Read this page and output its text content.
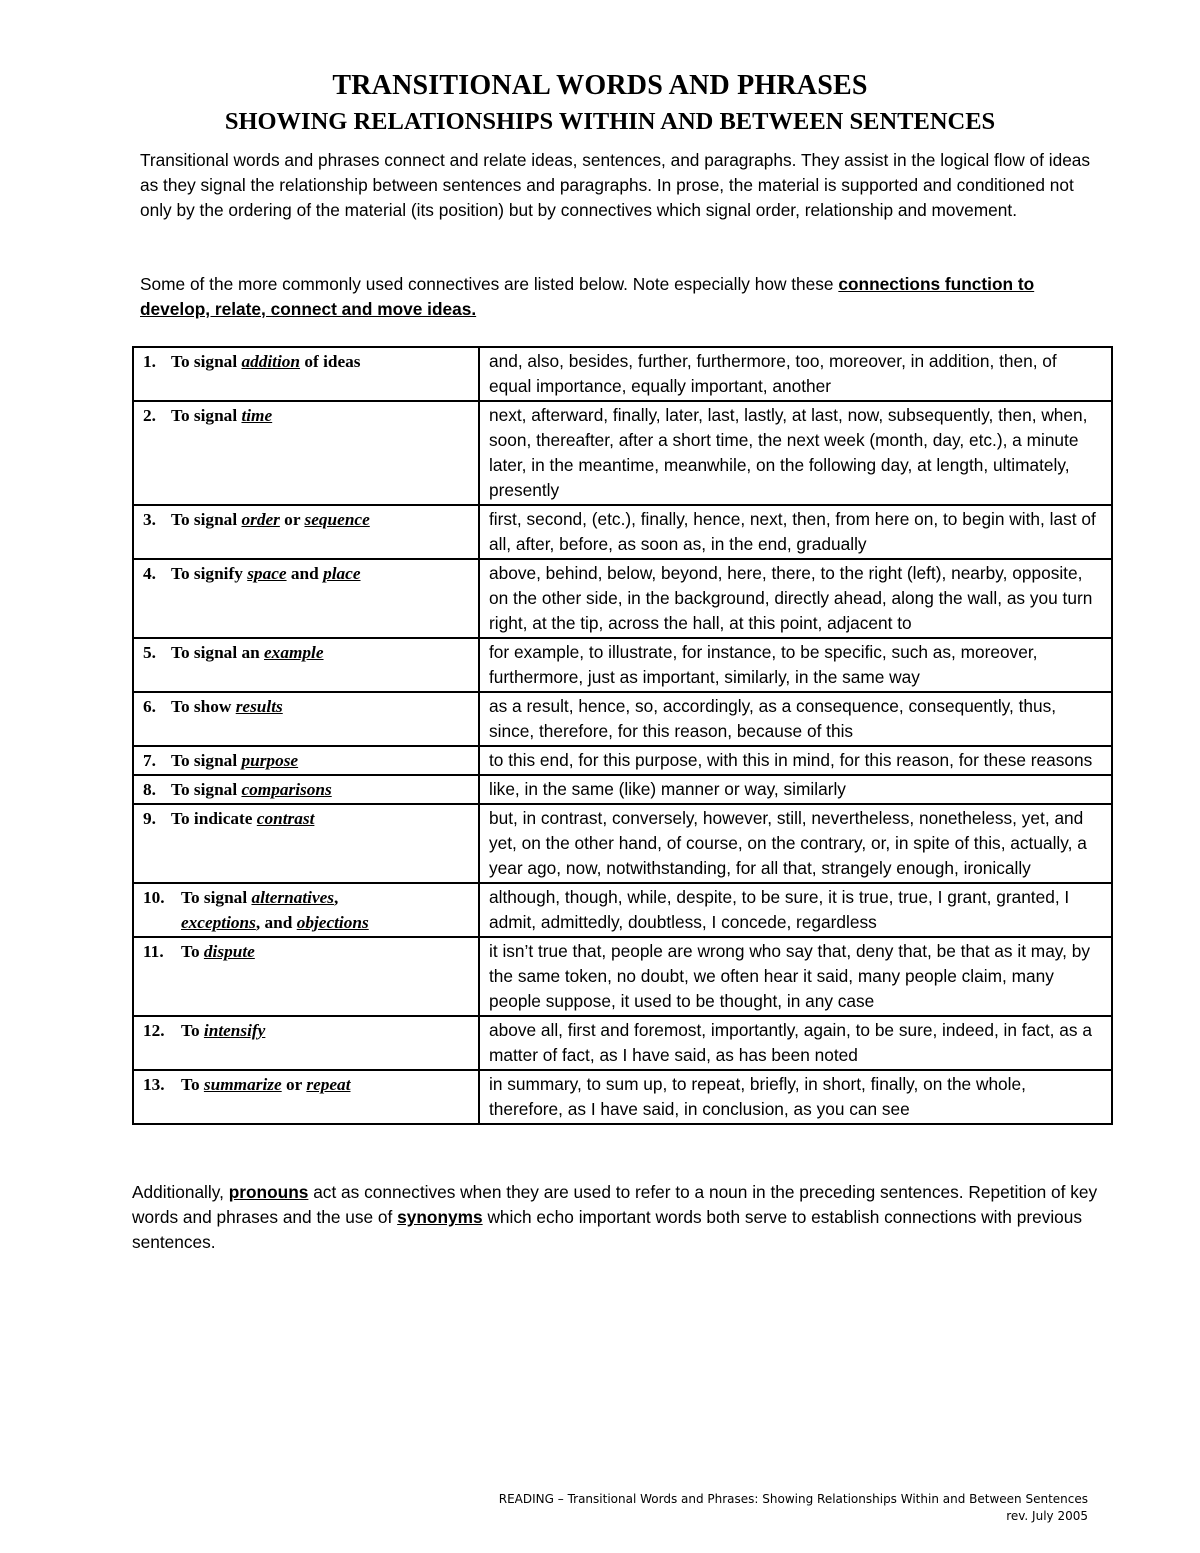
TRANSITIONAL WORDS AND PHRASES
SHOWING RELATIONSHIPS WITHIN AND BETWEEN SENTENCES

Transitional words and phrases connect and relate ideas, sentences, and paragraphs. They assist in the logical flow of ideas as they signal the relationship between sentences and paragraphs. In prose, the material is supported and conditioned not only by the ordering of the material (its position) but by connectives which signal order, relationship and movement.

Some of the more commonly used connectives are listed below. Note especially how these connections function to develop, relate, connect and move ideas.

1. To signal addition of ideas	and, also, besides, further, furthermore, too, moreover, in addition, then, of equal importance, equally important, another
2. To signal time	next, afterward, finally, later, last, lastly, at last, now, subsequently, then, when, soon, thereafter, after a short time, the next week (month, day, etc.), a minute later, in the meantime, meanwhile, on the following day, at length, ultimately, presently
3. To signal order or sequence	first, second, (etc.), finally, hence, next, then, from here on, to begin with, last of all, after, before, as soon as, in the end, gradually
4. To signify space and place	above, behind, below, beyond, here, there, to the right (left), nearby, opposite, on the other side, in the background, directly ahead, along the wall, as you turn right, at the tip, across the hall, at this point, adjacent to
5. To signal an example	for example, to illustrate, for instance, to be specific, such as, moreover, furthermore, just as important, similarly, in the same way
6. To show results	as a result, hence, so, accordingly, as a consequence, consequently, thus, since, therefore, for this reason, because of this
7. To signal purpose	to this end, for this purpose, with this in mind, for this reason, for these reasons
8. To signal comparisons	like, in the same (like) manner or way, similarly
9. To indicate contrast	but, in contrast, conversely, however, still, nevertheless, nonetheless, yet, and yet, on the other hand, of course, on the contrary, or, in spite of this, actually, a year ago, now, notwithstanding, for all that, strangely enough, ironically
10. To signal alternatives,
exceptions, and objections	although, though, while, despite, to be sure, it is true, true, I grant, granted, I admit, admittedly, doubtless, I concede, regardless
11. To dispute	it isn’t true that, people are wrong who say that, deny that, be that as it may, by the same token, no doubt, we often hear it said, many people claim, many people suppose, it used to be thought, in any case
12. To intensify	above all, first and foremost, importantly, again, to be sure, indeed, in fact, as a matter of fact, as I have said, as has been noted
13. To summarize or repeat	in summary, to sum up, to repeat, briefly, in short, finally, on the whole, therefore, as I have said, in conclusion, as you can see

Additionally, pronouns act as connectives when they are used to refer to a noun in the preceding sentences. Repetition of key words and phrases and the use of synonyms which echo important words both serve to establish connections with previous sentences.

READING – Transitional Words and Phrases: Showing Relationships Within and Between Sentences
rev. July 2005
